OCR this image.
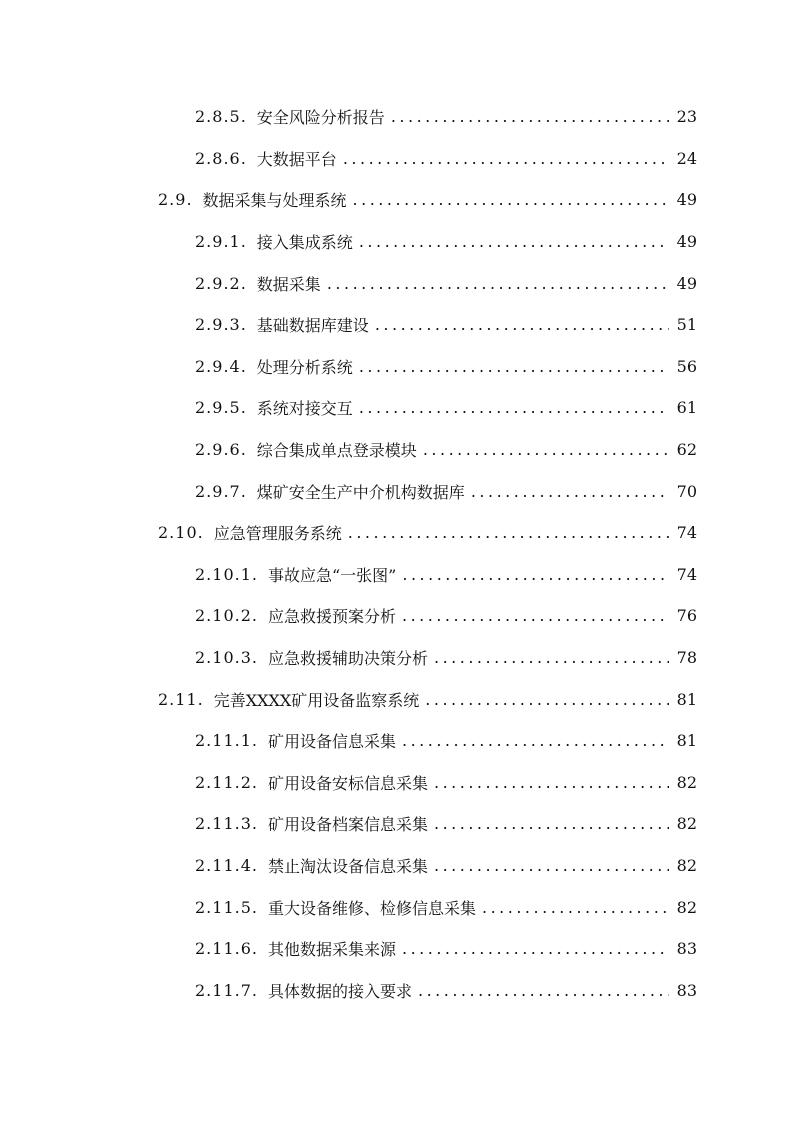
2.8.5. 安全风险分析报告 .....	23
2.8.6. 大数据平台 .....	24
2.9. 数据采集与处理系统 .....	49
2.9.1. 接入集成系统 .....	49
2.9.2. 数据采集 .....	49
2.9.3. 基础数据库建设 .....	51
2.9.4. 处理分析系统 .....	56
2.9.5. 系统对接交互 .....	61
2.9.6. 综合集成单点登录模块 .....	62
2.9.7. 煤矿安全生产中介机构数据库 .....	70
2.10. 应急管理服务系统 .....	74
2.10.1. 事故应急“一张图” .....	74
2.10.2. 应急救援预案分析 .....	76
2.10.3. 应急救援辅助决策分析 .....	78
2.11. 完善XXXX矿用设备监察系统 .....	81
2.11.1. 矿用设备信息采集 .....	81
2.11.2. 矿用设备安标信息采集 .....	82
2.11.3. 矿用设备档案信息采集 .....	82
2.11.4. 禁止淘汰设备信息采集 .....	82
2.11.5. 重大设备维修、检修信息采集 .....	82
2.11.6. 其他数据采集来源 .....	83
2.11.7. 具体数据的接入要求 .....	83
